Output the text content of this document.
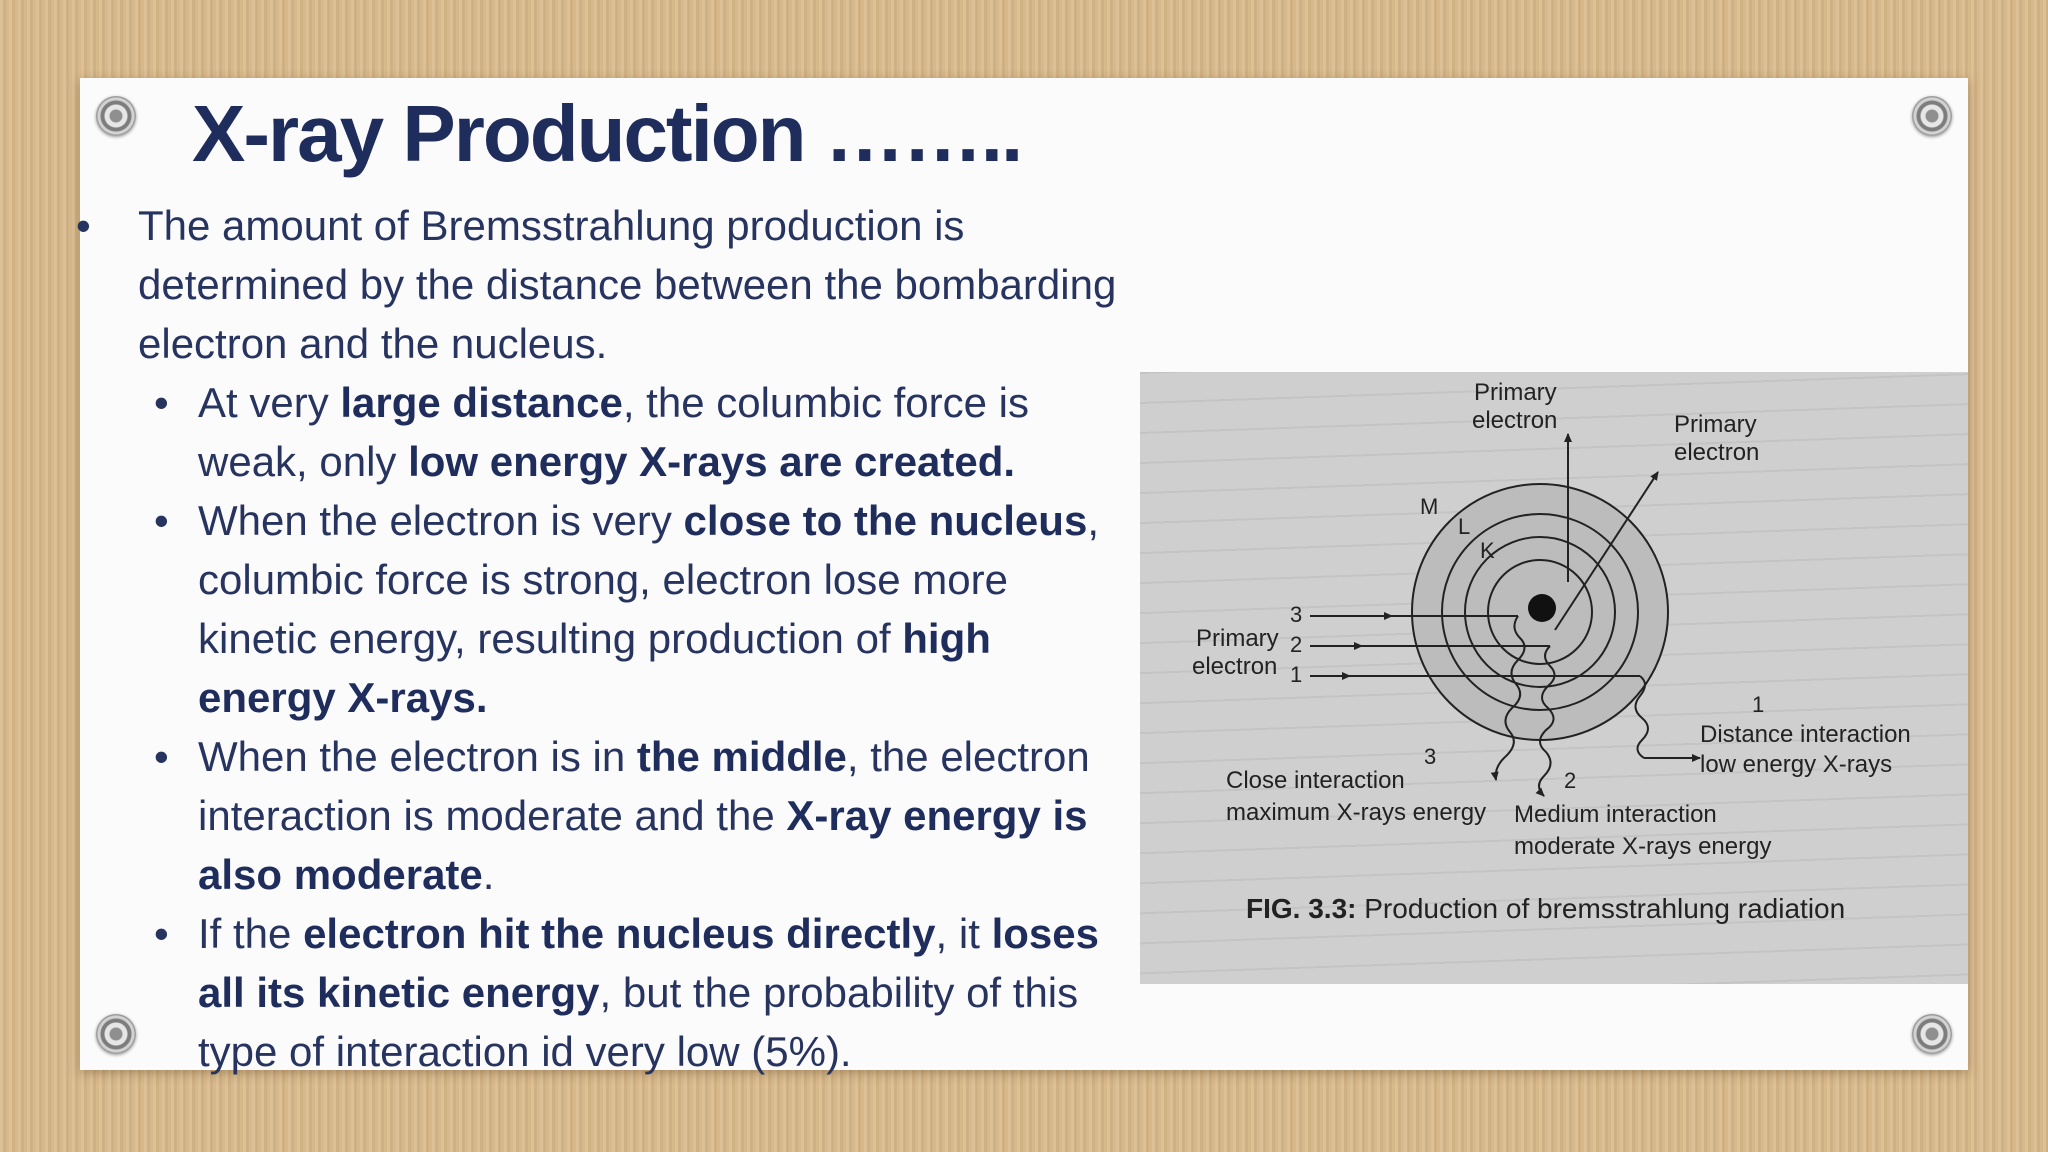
X-ray Production ……..

• The amount of Bremsstrahlung production is determined by the distance between the bombarding electron and the nucleus.

• At very large distance, the columbic force is weak, only low energy X-rays are created.
• When the electron is very close to the nucleus, columbic force is strong, electron lose more kinetic energy, resulting production of high energy X-rays.
• When the electron is in the middle, the electron interaction is moderate and the X-ray energy is also moderate.
• If the electron hit the nucleus directly, it loses all its kinetic energy, but the probability of this type of interaction id very low (5%).
Primary
electron	Primary
electron
M
L
K
Primary
electron
3
2
1
1
2
3
Distance interaction
low energy X-rays
Close interaction
maximum X-rays energy Medium interaction
moderate X-rays energy
FIG. 3.3: Production of bremsstrahlung radiation
